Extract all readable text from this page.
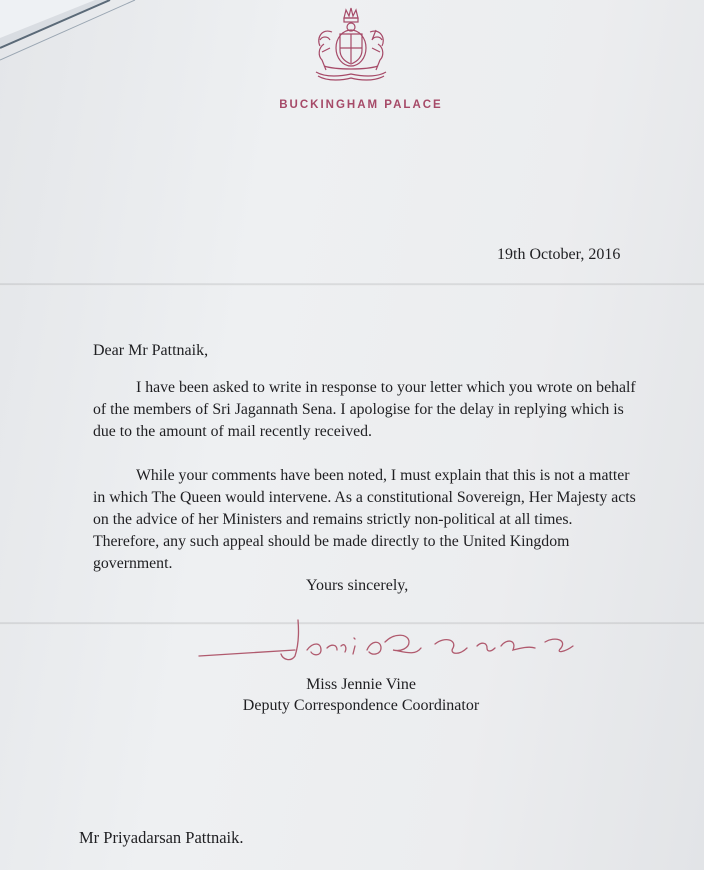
BUCKINGHAM PALACE
19th October, 2016
Dear Mr Pattnaik,

I have been asked to write in response to your letter which you wrote on behalf of the members of Sri Jagannath Sena. I apologise for the delay in replying which is due to the amount of mail recently received.

While your comments have been noted, I must explain that this is not a matter in which The Queen would intervene. As a constitutional Sovereign, Her Majesty acts on the advice of her Ministers and remains strictly non-political at all times. Therefore, any such appeal should be made directly to the United Kingdom government.

Yours sincerely,
Miss Jennie Vine
Deputy Correspondence Coordinator
Mr Priyadarsan Pattnaik.
